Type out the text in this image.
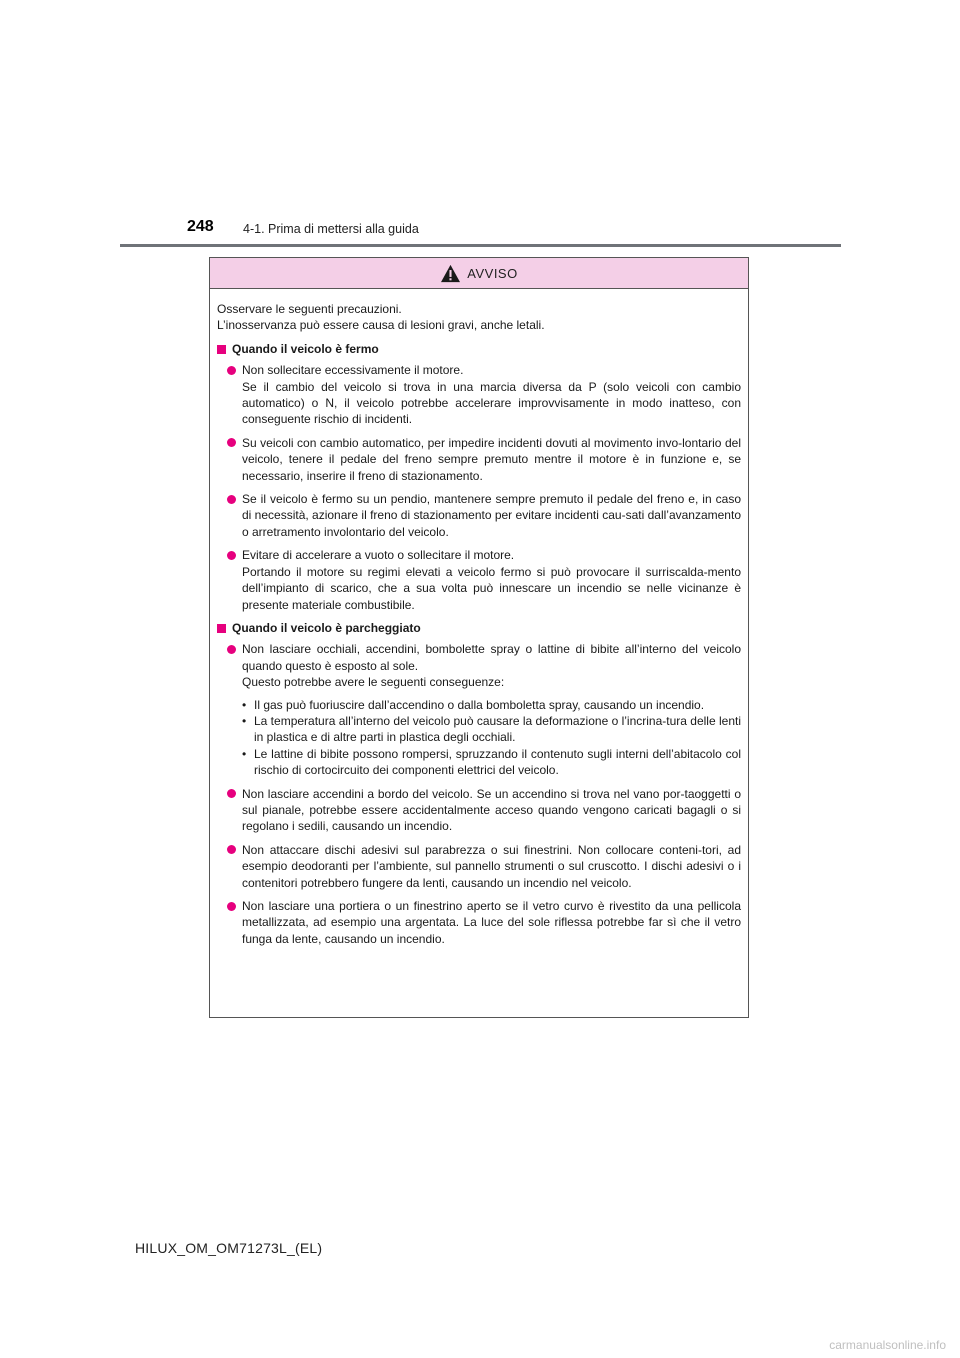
248 4-1. Prima di mettersi alla guida
AVVISO

Osservare le seguenti precauzioni.

L’inosservanza può essere causa di lesioni gravi, anche letali.

Quando il veicolo è fermo

Non sollecitare eccessivamente il motore.

Se il cambio del veicolo si trova in una marcia diversa da P (solo veicoli con cambio automatico) o N, il veicolo potrebbe accelerare improvvisamente in modo inatteso, con conseguente rischio di incidenti.

Su veicoli con cambio automatico, per impedire incidenti dovuti al movimento invo-lontario del veicolo, tenere il pedale del freno sempre premuto mentre il motore è in funzione e, se necessario, inserire il freno di stazionamento.

Se il veicolo è fermo su un pendio, mantenere sempre premuto il pedale del freno e, in caso di necessità, azionare il freno di stazionamento per evitare incidenti cau-sati dall’avanzamento o arretramento involontario del veicolo.

Evitare di accelerare a vuoto o sollecitare il motore.

Portando il motore su regimi elevati a veicolo fermo si può provocare il surriscalda-mento dell’impianto di scarico, che a sua volta può innescare un incendio se nelle vicinanze è presente materiale combustibile.

Quando il veicolo è parcheggiato

Non lasciare occhiali, accendini, bombolette spray o lattine di bibite all’interno del veicolo quando questo è esposto al sole.

Questo potrebbe avere le seguenti conseguenze:

• Il gas può fuoriuscire dall’accendino o dalla bomboletta spray, causando un incendio.
• La temperatura all’interno del veicolo può causare la deformazione o l’incrina-tura delle lenti in plastica e di altre parti in plastica degli occhiali.
• Le lattine di bibite possono rompersi, spruzzando il contenuto sugli interni dell’abitacolo col rischio di cortocircuito dei componenti elettrici del veicolo.

Non lasciare accendini a bordo del veicolo. Se un accendino si trova nel vano por-taoggetti o sul pianale, potrebbe essere accidentalmente acceso quando vengono caricati bagagli o si regolano i sedili, causando un incendio.

Non attaccare dischi adesivi sul parabrezza o sui finestrini. Non collocare conteni-tori, ad esempio deodoranti per l’ambiente, sul pannello strumenti o sul cruscotto. I dischi adesivi o i contenitori potrebbero fungere da lenti, causando un incendio nel veicolo.

Non lasciare una portiera o un finestrino aperto se il vetro curvo è rivestito da una pellicola metallizzata, ad esempio una argentata. La luce del sole riflessa potrebbe far sì che il vetro funga da lente, causando un incendio.

HILUX_OM_OM71273L_(EL)
carmanualsonline.info
